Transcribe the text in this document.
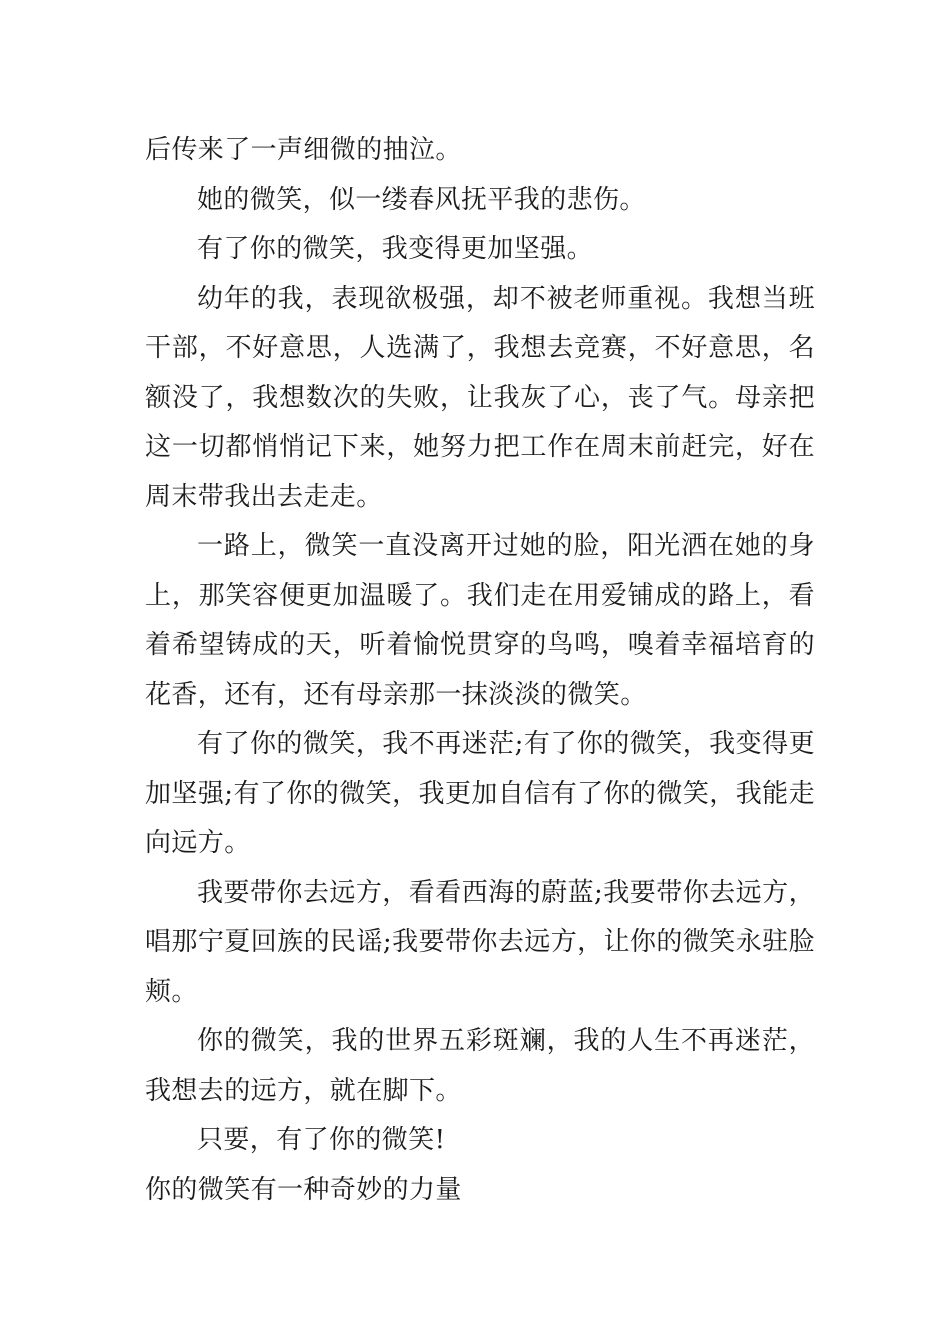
后传来了一声细微的抽泣。

她的微笑，似一缕春风抚平我的悲伤。

有了你的微笑，我变得更加坚强。

幼年的我，表现欲极强，却不被老师重视。我想当班干部，不好意思，人选满了，我想去竞赛，不好意思，名额没了，我想数次的失败，让我灰了心，丧了气。母亲把这一切都悄悄记下来，她努力把工作在周末前赶完，好在周末带我出去走走。

一路上，微笑一直没离开过她的脸，阳光洒在她的身上，那笑容便更加温暖了。我们走在用爱铺成的路上，看着希望铸成的天，听着愉悦贯穿的鸟鸣，嗅着幸福培育的花香，还有，还有母亲那一抹淡淡的微笑。

有了你的微笑，我不再迷茫;有了你的微笑，我变得更加坚强;有了你的微笑，我更加自信有了你的微笑，我能走向远方。

我要带你去远方，看看西海的蔚蓝;我要带你去远方，唱那宁夏回族的民谣;我要带你去远方，让你的微笑永驻脸颊。

你的微笑，我的世界五彩斑斓，我的人生不再迷茫，我想去的远方，就在脚下。

只要，有了你的微笑!

你的微笑有一种奇妙的力量
